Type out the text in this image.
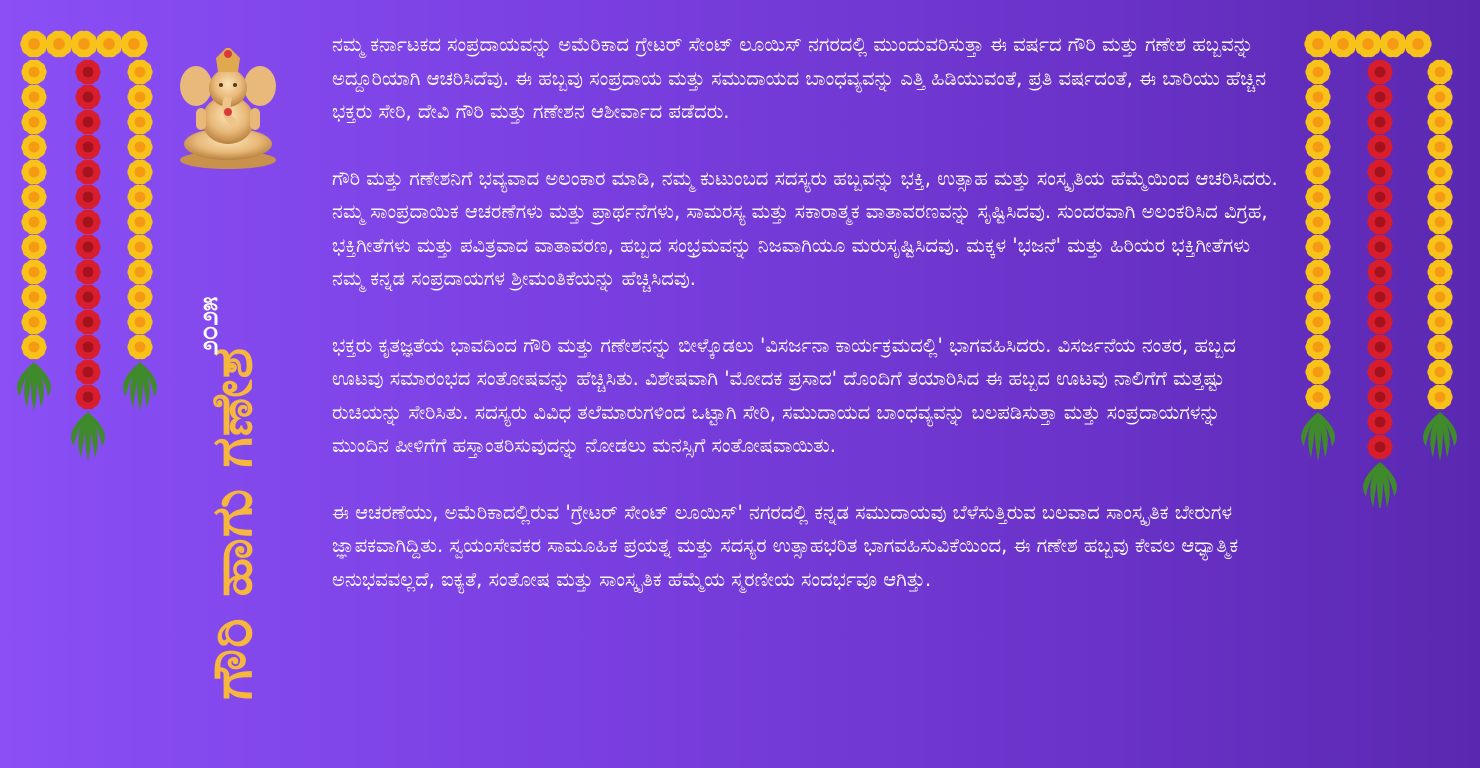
ಗೌರಿ ಹಾಗು ಗಣೇಶ
೨೦೨೫

ನಮ್ಮ ಕರ್ನಾಟಕದ ಸಂಪ್ರದಾಯವನ್ನು ಅಮೆರಿಕಾದ ಗ್ರೇಟರ್ ಸೇಂಟ್ ಲೂಯಿಸ್ ನಗರದಲ್ಲಿ ಮುಂದುವರಿಸುತ್ತಾ ಈ ವರ್ಷದ ಗೌರಿ ಮತ್ತು ಗಣೇಶ ಹಬ್ಬವನ್ನು ಅದ್ದೂರಿಯಾಗಿ ಆಚರಿಸಿದೆವು. ಈ ಹಬ್ಬವು ಸಂಪ್ರದಾಯ ಮತ್ತು ಸಮುದಾಯದ ಬಾಂಧವ್ಯವನ್ನು ಎತ್ತಿ ಹಿಡಿಯುವಂತೆ, ಪ್ರತಿ ವರ್ಷದಂತೆ, ಈ ಬಾರಿಯು ಹೆಚ್ಚಿನ ಭಕ್ತರು ಸೇರಿ, ದೇವಿ ಗೌರಿ ಮತ್ತು ಗಣೇಶನ ಆಶೀರ್ವಾದ ಪಡೆದರು.

ಗೌರಿ ಮತ್ತು ಗಣೇಶನಿಗೆ ಭವ್ಯವಾದ ಅಲಂಕಾರ ಮಾಡಿ, ನಮ್ಮ ಕುಟುಂಬದ ಸದಸ್ಯರು ಹಬ್ಬವನ್ನು ಭಕ್ತಿ, ಉತ್ಸಾಹ ಮತ್ತು ಸಂಸ್ಕೃತಿಯ ಹೆಮ್ಮೆಯಿಂದ ಆಚರಿಸಿದರು. ನಮ್ಮ ಸಾಂಪ್ರದಾಯಿಕ ಆಚರಣೆಗಳು ಮತ್ತು ಪ್ರಾರ್ಥನೆಗಳು, ಸಾಮರಸ್ಯ ಮತ್ತು ಸಕಾರಾತ್ಮಕ ವಾತಾವರಣವನ್ನು ಸೃಷ್ಟಿಸಿದವು. ಸುಂದರವಾಗಿ ಅಲಂಕರಿಸಿದ ವಿಗ್ರಹ, ಭಕ್ತಿಗೀತೆಗಳು ಮತ್ತು ಪವಿತ್ರವಾದ ವಾತಾವರಣ, ಹಬ್ಬದ ಸಂಭ್ರಮವನ್ನು ನಿಜವಾಗಿಯೂ ಮರುಸೃಷ್ಟಿಸಿದವು. ಮಕ್ಕಳ 'ಭಜನೆ' ಮತ್ತು ಹಿರಿಯರ ಭಕ್ತಿಗೀತೆಗಳು ನಮ್ಮ ಕನ್ನಡ ಸಂಪ್ರದಾಯಗಳ ಶ್ರೀಮಂತಿಕೆಯನ್ನು ಹೆಚ್ಚಿಸಿದವು.

ಭಕ್ತರು ಕೃತಜ್ಞತೆಯ ಭಾವದಿಂದ ಗೌರಿ ಮತ್ತು ಗಣೇಶನನ್ನು ಬೀಳ್ಕೊಡಲು 'ವಿಸರ್ಜನಾ ಕಾರ್ಯಕ್ರಮದಲ್ಲಿ' ಭಾಗವಹಿಸಿದರು. ವಿಸರ್ಜನೆಯ ನಂತರ, ಹಬ್ಬದ ಊಟವು ಸಮಾರಂಭದ ಸಂತೋಷವನ್ನು ಹೆಚ್ಚಿಸಿತು. ವಿಶೇಷವಾಗಿ 'ಮೋದಕ ಪ್ರಸಾದ' ದೊಂದಿಗೆ ತಯಾರಿಸಿದ ಈ ಹಬ್ಬದ ಊಟವು ನಾಲಿಗೆಗೆ ಮತ್ತಷ್ಟು ರುಚಿಯನ್ನು ಸೇರಿಸಿತು. ಸದಸ್ಯರು ವಿವಿಧ ತಲೆಮಾರುಗಳಿಂದ ಒಟ್ಟಾಗಿ ಸೇರಿ, ಸಮುದಾಯದ ಬಾಂಧವ್ಯವನ್ನು ಬಲಪಡಿಸುತ್ತಾ ಮತ್ತು ಸಂಪ್ರದಾಯಗಳನ್ನು ಮುಂದಿನ ಪೀಳಿಗೆಗೆ ಹಸ್ತಾಂತರಿಸುವುದನ್ನು ನೋಡಲು ಮನಸ್ಸಿಗೆ ಸಂತೋಷವಾಯಿತು.

ಈ ಆಚರಣೆಯು, ಅಮೆರಿಕಾದಲ್ಲಿರುವ 'ಗ್ರೇಟರ್ ಸೇಂಟ್ ಲೂಯಿಸ್' ನಗರದಲ್ಲಿ ಕನ್ನಡ ಸಮುದಾಯವು ಬೆಳೆಸುತ್ತಿರುವ ಬಲವಾದ ಸಾಂಸ್ಕೃತಿಕ ಬೇರುಗಳ ಜ್ಞಾಪಕವಾಗಿದ್ದಿತು. ಸ್ವಯಂಸೇವಕರ ಸಾಮೂಹಿಕ ಪ್ರಯತ್ನ ಮತ್ತು ಸದಸ್ಯರ ಉತ್ಸಾಹಭರಿತ ಭಾಗವಹಿಸುವಿಕೆಯಿಂದ, ಈ ಗಣೇಶ ಹಬ್ಬವು ಕೇವಲ ಆಧ್ಯಾತ್ಮಿಕ ಅನುಭವವಲ್ಲದೆ, ಐಕ್ಯತೆ, ಸಂತೋಷ ಮತ್ತು ಸಾಂಸ್ಕೃತಿಕ ಹೆಮ್ಮೆಯ ಸ್ಮರಣೀಯ ಸಂದರ್ಭವೂ ಆಗಿತ್ತು.
